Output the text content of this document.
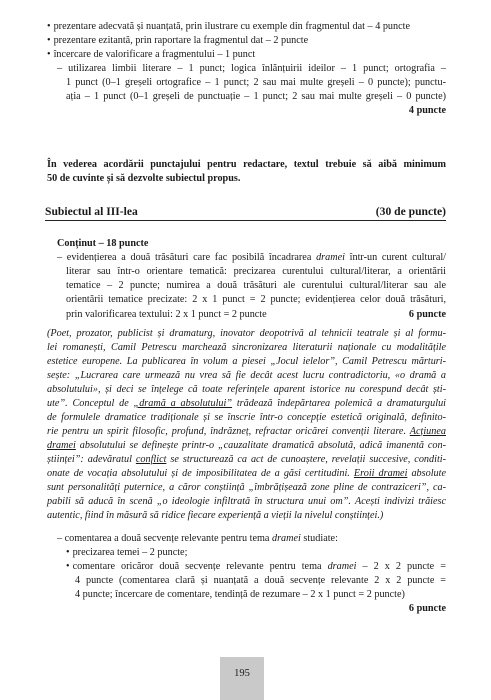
• prezentare adecvată și nuanțată, prin ilustrare cu exemple din fragmentul dat – 4 puncte
• prezentare ezitantă, prin raportare la fragmentul dat – 2 puncte
• încercare de valorificare a fragmentului – 1 punct
– utilizarea limbii literare – 1 punct; logica înlănțuirii ideilor – 1 punct; ortografia –
1 punct (0–1 greșeli ortografice – 1 punct; 2 sau mai multe greșeli – 0 puncte); punctu-
ația – 1 punct (0–1 greșeli de punctuație – 1 punct; 2 sau mai multe greșeli – 0 puncte)
4 puncte
În vederea acordării punctajului pentru redactare, textul trebuie să aibă minimum
50 de cuvinte și să dezvolte subiectul propus.
Subiectul al III-lea	(30 de puncte)
Conținut – 18 puncte
– evidențierea a două trăsături care fac posibilă încadrarea dramei într-un curent cultural/
literar sau într-o orientare tematică: precizarea curentului cultural/literar, a orientării
tematice – 2 puncte; numirea a două trăsături ale curentului cultural/literar sau ale
orientării tematice precizate: 2 x 1 punct = 2 puncte; evidențierea celor două trăsături,
prin valorificarea textului: 2 x 1 punct = 2 puncte	6 puncte
(Poet, prozator, publicist și dramaturg, inovator deopotrivă al tehnicii teatrale și al formu-
lei romanești, Camil Petrescu marchează sincronizarea literaturii naționale cu modalitățile
estetice europene. La publicarea în volum a piesei „Jocul ielelor”, Camil Petrescu mărturi-
sește: „Lucrarea care urmează nu vrea să fie decât acest lucru contradictoriu, «o dramă a
absolutului», și deci se înțelege că toate referințele aparent istorice nu corespund decât ști-
ute”. Conceptul de „dramă a absolutului” trădează îndepărtarea polemică a dramaturgului
de formulele dramatice tradiționale și se înscrie într-o concepție estetică originală, definito-
rie pentru un spirit filosofic, profund, îndrăzneț, refractar oricărei convenții literare. Acțiunea
dramei absolutului se definește printr-o „cauzalitate dramatică absolută, adică imanentă con-
științei”: adevăratul conflict se structurează ca act de cunoaștere, revelații succesive, conditi-
onate de vocația absolutului și de imposibilitatea de a găsi certitudini. Eroii dramei absolute
sunt personalități puternice, a căror conștiință „îmbrățișează zone pline de contraziceri”, ca-
pabili să aducă în scenă „o ideologie infiltrată în structura unui om”. Acești indivizi trăiesc
autentic, fiind în măsură să ridice fiecare experiență a vieții la nivelul conștiinței.)
– comentarea a două secvențe relevante pentru tema dramei studiate:
• precizarea temei – 2 puncte;
• comentare oricăror două secvențe relevante pentru tema dramei – 2 x 2 puncte =
4 puncte (comentarea clară și nuanțată a două secvențe relevante 2 x 2 puncte =
4 puncte; încercare de comentare, tendință de rezumare – 2 x 1 punct = 2 puncte)
6 puncte
195
